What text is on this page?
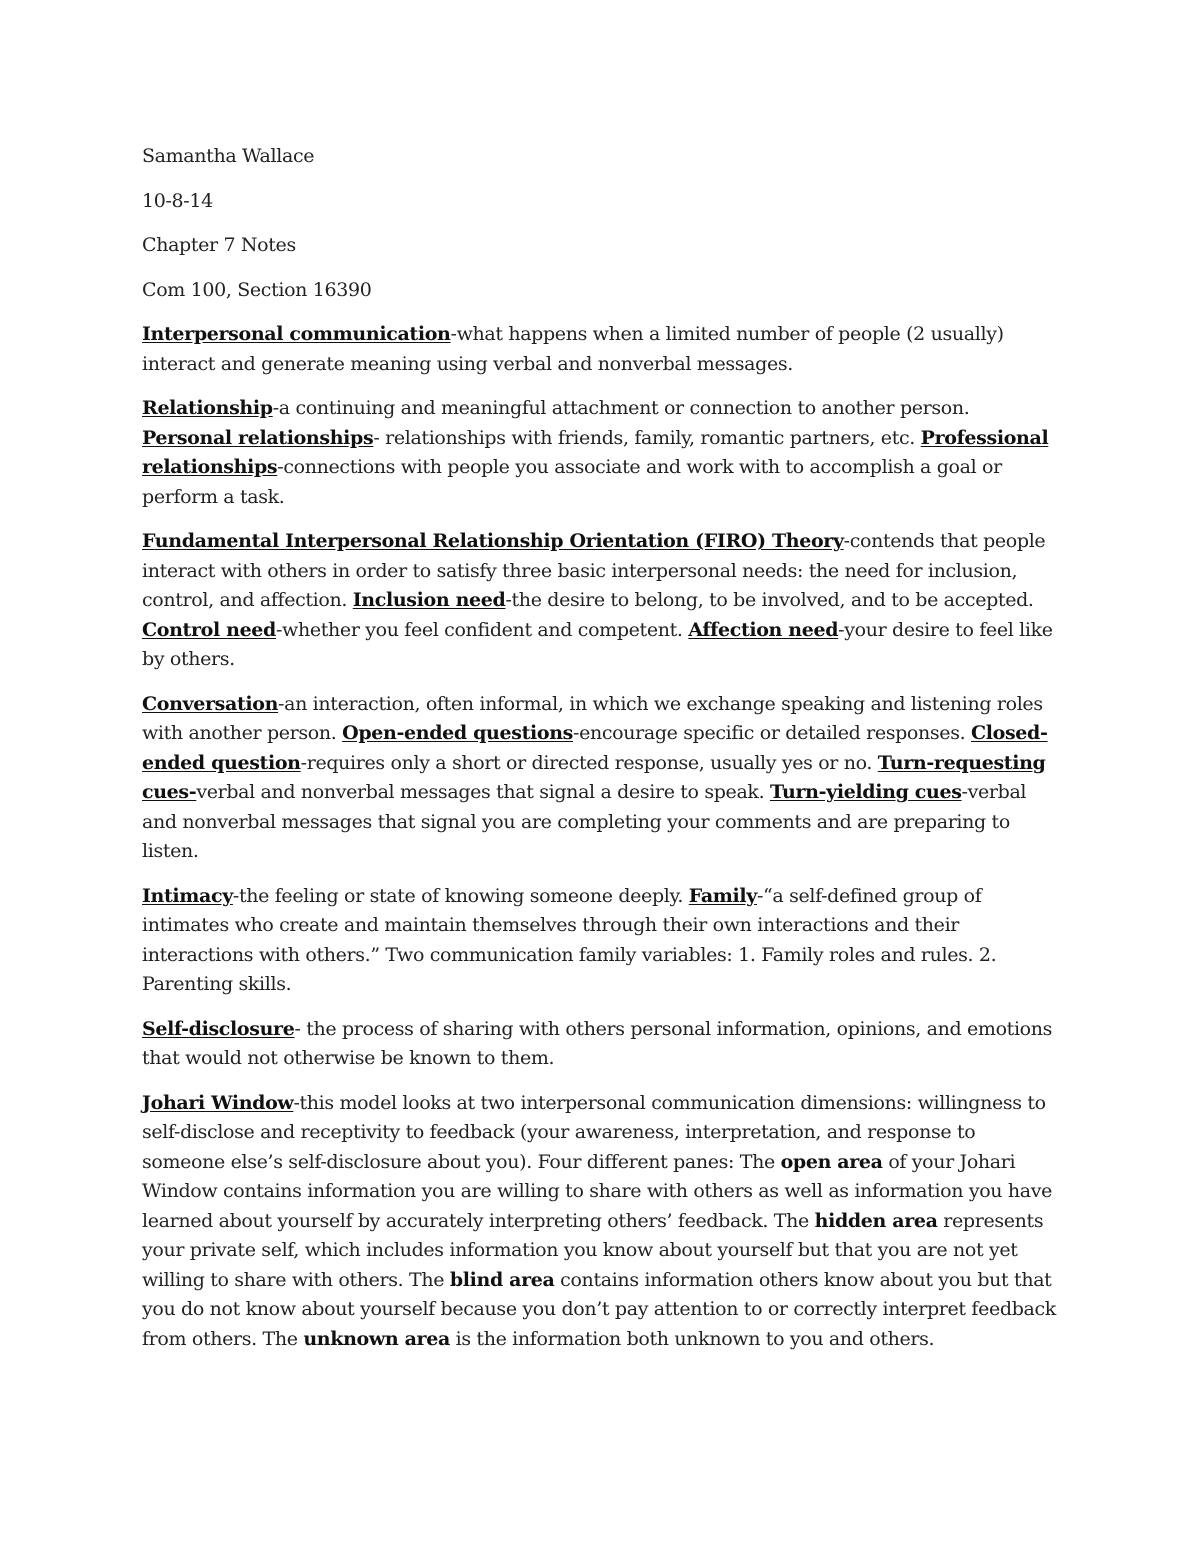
Samantha Wallace

10-8-14

Chapter 7 Notes

Com 100, Section 16390

Interpersonal communication-what happens when a limited number of people (2 usually) interact and generate meaning using verbal and nonverbal messages.

Relationship-a continuing and meaningful attachment or connection to another person. Personal relationships- relationships with friends, family, romantic partners, etc. Professional relationships-connections with people you associate and work with to accomplish a goal or perform a task.

Fundamental Interpersonal Relationship Orientation (FIRO) Theory-contends that people interact with others in order to satisfy three basic interpersonal needs: the need for inclusion, control, and affection. Inclusion need-the desire to belong, to be involved, and to be accepted. Control need-whether you feel confident and competent. Affection need-your desire to feel like by others.

Conversation-an interaction, often informal, in which we exchange speaking and listening roles with another person. Open-ended questions-encourage specific or detailed responses. Closed-ended question-requires only a short or directed response, usually yes or no. Turn-requesting cues-verbal and nonverbal messages that signal a desire to speak. Turn-yielding cues-verbal and nonverbal messages that signal you are completing your comments and are preparing to listen.

Intimacy-the feeling or state of knowing someone deeply. Family-“a self-defined group of intimates who create and maintain themselves through their own interactions and their interactions with others.” Two communication family variables: 1. Family roles and rules. 2. Parenting skills.

Self-disclosure- the process of sharing with others personal information, opinions, and emotions that would not otherwise be known to them.

Johari Window-this model looks at two interpersonal communication dimensions: willingness to self-disclose and receptivity to feedback (your awareness, interpretation, and response to someone else’s self-disclosure about you). Four different panes: The open area of your Johari Window contains information you are willing to share with others as well as information you have learned about yourself by accurately interpreting others’ feedback. The hidden area represents your private self, which includes information you know about yourself but that you are not yet willing to share with others. The blind area contains information others know about you but that you do not know about yourself because you don’t pay attention to or correctly interpret feedback from others. The unknown area is the information both unknown to you and others.
